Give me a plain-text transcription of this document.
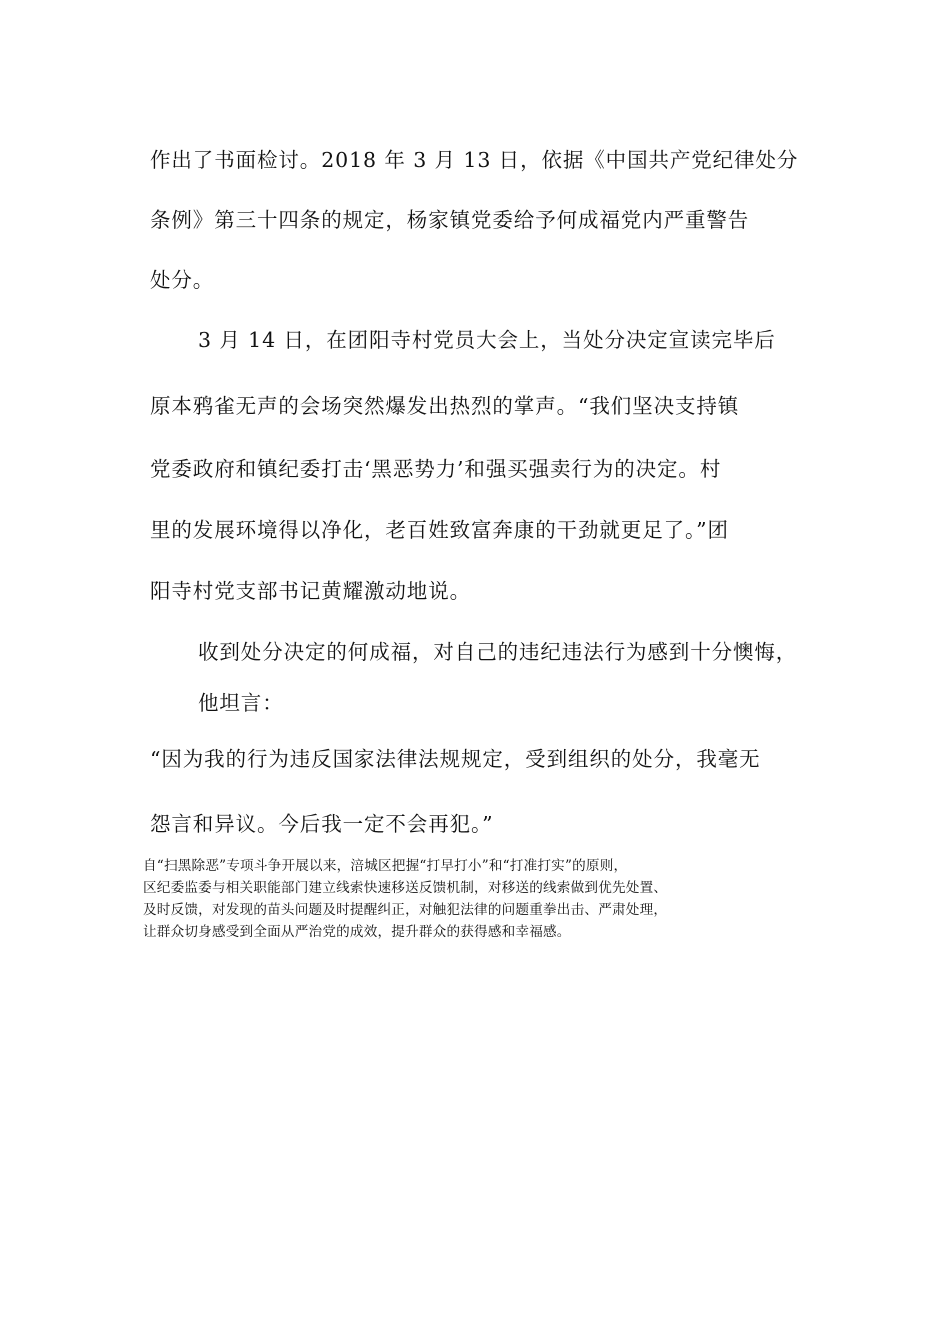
作出了书面检讨。2018 年 3 月 13 日，依据《中国共产党纪律处分
条例》第三十四条的规定，杨家镇党委给予何成福党内严重警告
处分。
3 月 14 日，在团阳寺村党员大会上，当处分决定宣读完毕后
原本鸦雀无声的会场突然爆发出热烈的掌声。“我们坚决支持镇
党委政府和镇纪委打击‘黑恶势力’和强买强卖行为的决定。村
里的发展环境得以净化，老百姓致富奔康的干劲就更足了。”团
阳寺村党支部书记黄耀激动地说。
收到处分决定的何成福，对自己的违纪违法行为感到十分懊悔，
他坦言：
“因为我的行为违反国家法律法规规定，受到组织的处分，我毫无
怨言和异议。今后我一定不会再犯。”
自“扫黑除恶”专项斗争开展以来，涪城区把握“打早打小”和“打准打实”的原则，
区纪委监委与相关职能部门建立线索快速移送反馈机制，对移送的线索做到优先处置、
及时反馈，对发现的苗头问题及时提醒纠正，对触犯法律的问题重拳出击、严肃处理，
让群众切身感受到全面从严治党的成效，提升群众的获得感和幸福感。
